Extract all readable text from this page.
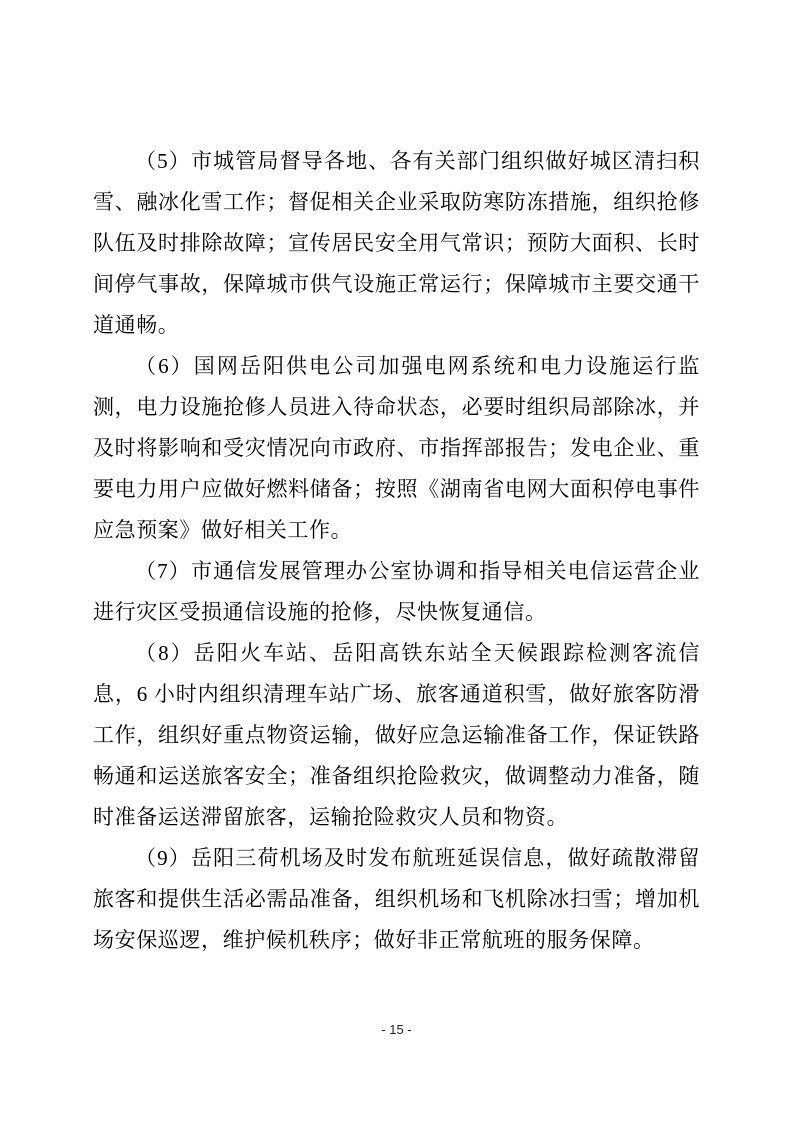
（5）市城管局督导各地、各有关部门组织做好城区清扫积雪、融冰化雪工作；督促相关企业采取防寒防冻措施，组织抢修队伍及时排除故障；宣传居民安全用气常识；预防大面积、长时间停气事故，保障城市供气设施正常运行；保障城市主要交通干道通畅。

（6）国网岳阳供电公司加强电网系统和电力设施运行监测，电力设施抢修人员进入待命状态，必要时组织局部除冰，并及时将影响和受灾情况向市政府、市指挥部报告；发电企业、重要电力用户应做好燃料储备；按照《湖南省电网大面积停电事件应急预案》做好相关工作。

（7）市通信发展管理办公室协调和指导相关电信运营企业进行灾区受损通信设施的抢修，尽快恢复通信。

（8）岳阳火车站、岳阳高铁东站全天候跟踪检测客流信息，6 小时内组织清理车站广场、旅客通道积雪，做好旅客防滑工作，组织好重点物资运输，做好应急运输准备工作，保证铁路畅通和运送旅客安全；准备组织抢险救灾，做调整动力准备，随时准备运送滞留旅客，运输抢险救灾人员和物资。

（9）岳阳三荷机场及时发布航班延误信息，做好疏散滞留旅客和提供生活必需品准备，组织机场和飞机除冰扫雪；增加机场安保巡逻，维护候机秩序；做好非正常航班的服务保障。

- 15 -
